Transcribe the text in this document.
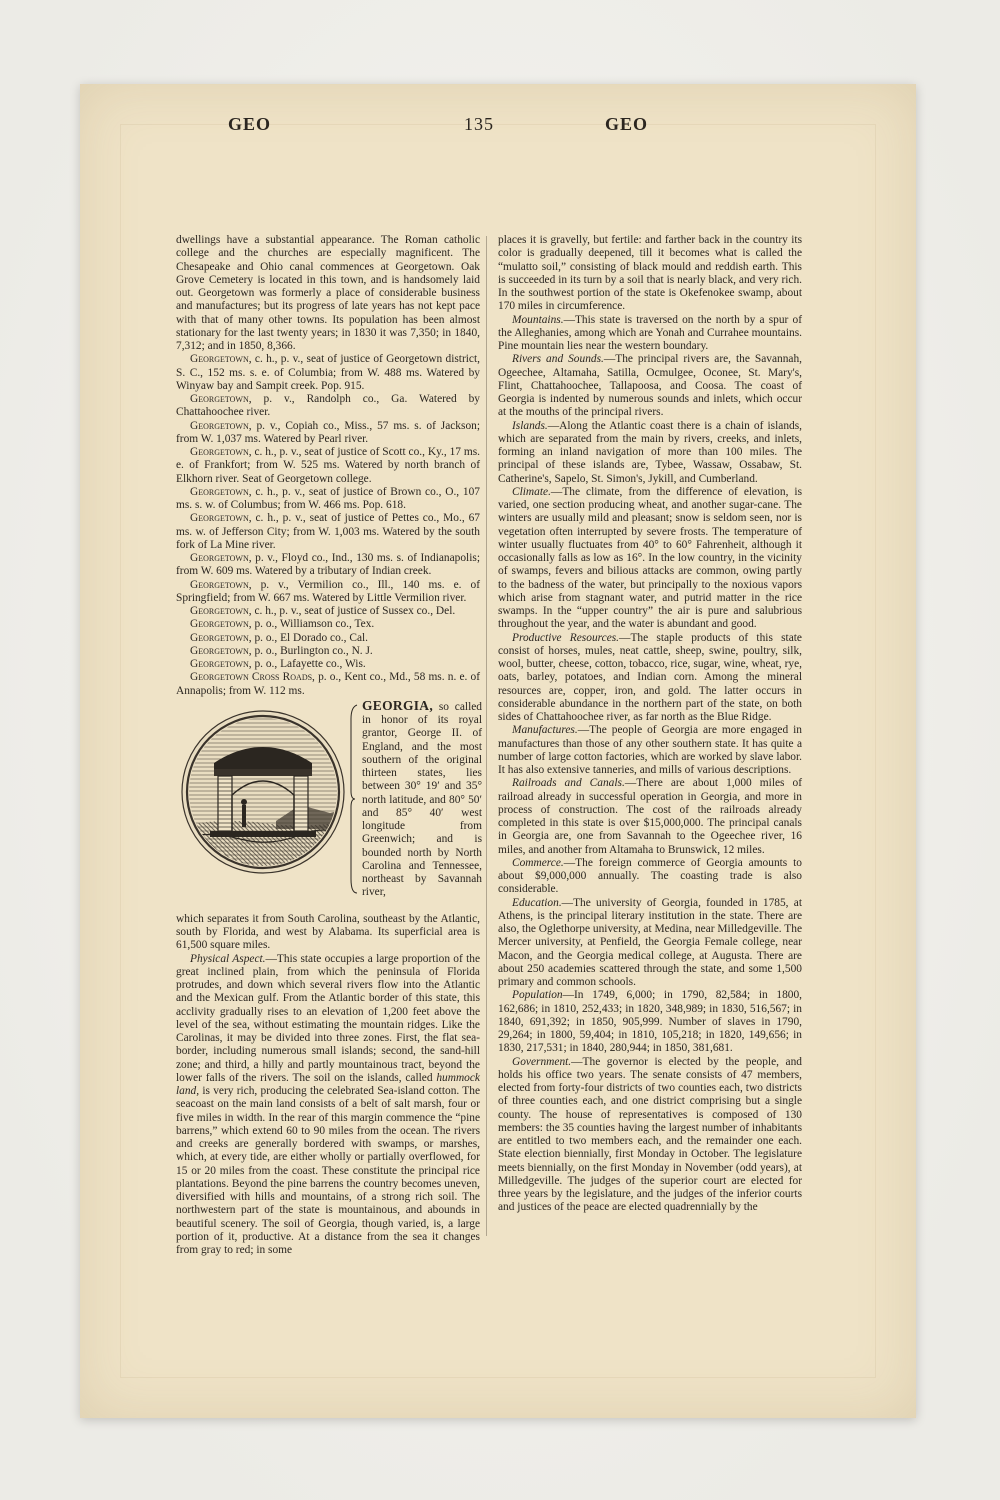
GEO	135	GEO

dwellings have a substantial appearance. The Roman catholic college and the churches are especially magnificent. The Chesapeake and Ohio canal commences at Georgetown. Oak Grove Cemetery is located in this town, and is handsomely laid out. Georgetown was formerly a place of considerable business and manufactures; but its progress of late years has not kept pace with that of many other towns. Its population has been almost stationary for the last twenty years; in 1830 it was 7,350; in 1840, 7,312; and in 1850, 8,366.

Georgetown, c. h., p. v., seat of justice of Georgetown district, S. C., 152 ms. s. e. of Columbia; from W. 488 ms. Watered by Winyaw bay and Sampit creek. Pop. 915.

Georgetown, p. v., Randolph co., Ga. Watered by Chattahoochee river.

Georgetown, p. v., Copiah co., Miss., 57 ms. s. of Jackson; from W. 1,037 ms. Watered by Pearl river.

Georgetown, c. h., p. v., seat of justice of Scott co., Ky., 17 ms. e. of Frankfort; from W. 525 ms. Watered by north branch of Elkhorn river. Seat of Georgetown college.

Georgetown, c. h., p. v., seat of justice of Brown co., O., 107 ms. s. w. of Columbus; from W. 466 ms. Pop. 618.

Georgetown, c. h., p. v., seat of justice of Pettes co., Mo., 67 ms. w. of Jefferson City; from W. 1,003 ms. Watered by the south fork of La Mine river.

Georgetown, p. v., Floyd co., Ind., 130 ms. s. of Indianapolis; from W. 609 ms. Watered by a tributary of Indian creek.

Georgetown, p. v., Vermilion co., Ill., 140 ms. e. of Springfield; from W. 667 ms. Watered by Little Vermilion river.

Georgetown, c. h., p. v., seat of justice of Sussex co., Del.

Georgetown, p. o., Williamson co., Tex.

Georgetown, p. o., El Dorado co., Cal.

Georgetown, p. o., Burlington co., N. J.

Georgetown, p. o., Lafayette co., Wis.

Georgetown Cross Roads, p. o., Kent co., Md., 58 ms. n. e. of Annapolis; from W. 112 ms.

GEORGIA, so called in honor of its royal grantor, George II. of England, and the most southern of the original thirteen states, lies between 30° 19′ and 35° north latitude, and 80° 50′ and 85° 40′ west longitude from Greenwich; and is bounded north by North Carolina and Tennessee, northeast by Savannah river,

which separates it from South Carolina, southeast by the Atlantic, south by Florida, and west by Alabama. Its superficial area is 61,500 square miles.

Physical Aspect.—This state occupies a large proportion of the great inclined plain, from which the peninsula of Florida protrudes, and down which several rivers flow into the Atlantic and the Mexican gulf. From the Atlantic border of this state, this acclivity gradually rises to an elevation of 1,200 feet above the level of the sea, without estimating the mountain ridges. Like the Carolinas, it may be divided into three zones. First, the flat sea-border, including numerous small islands; second, the sand-hill zone; and third, a hilly and partly mountainous tract, beyond the lower falls of the rivers. The soil on the islands, called hummock land, is very rich, producing the celebrated Sea-island cotton. The seacoast on the main land consists of a belt of salt marsh, four or five miles in width. In the rear of this margin commence the “pine barrens,” which extend 60 to 90 miles from the ocean. The rivers and creeks are generally bordered with swamps, or marshes, which, at every tide, are either wholly or partially overflowed, for 15 or 20 miles from the coast. These constitute the principal rice plantations. Beyond the pine barrens the country becomes uneven, diversified with hills and mountains, of a strong rich soil. The northwestern part of the state is mountainous, and abounds in beautiful scenery. The soil of Georgia, though varied, is, a large portion of it, productive. At a distance from the sea it changes from gray to red; in some

places it is gravelly, but fertile: and farther back in the country its color is gradually deepened, till it becomes what is called the “mulatto soil,” consisting of black mould and reddish earth. This is succeeded in its turn by a soil that is nearly black, and very rich. In the southwest portion of the state is Okefenokee swamp, about 170 miles in circumference.

Mountains.—This state is traversed on the north by a spur of the Alleghanies, among which are Yonah and Currahee mountains. Pine mountain lies near the western boundary.

Rivers and Sounds.—The principal rivers are, the Savannah, Ogeechee, Altamaha, Satilla, Ocmulgee, Oconee, St. Mary's, Flint, Chattahoochee, Tallapoosa, and Coosa. The coast of Georgia is indented by numerous sounds and inlets, which occur at the mouths of the principal rivers.

Islands.—Along the Atlantic coast there is a chain of islands, which are separated from the main by rivers, creeks, and inlets, forming an inland navigation of more than 100 miles. The principal of these islands are, Tybee, Wassaw, Ossabaw, St. Catherine's, Sapelo, St. Simon's, Jykill, and Cumberland.

Climate.—The climate, from the difference of elevation, is varied, one section producing wheat, and another sugar-cane. The winters are usually mild and pleasant; snow is seldom seen, nor is vegetation often interrupted by severe frosts. The temperature of winter usually fluctuates from 40° to 60° Fahrenheit, although it occasionally falls as low as 16°. In the low country, in the vicinity of swamps, fevers and bilious attacks are common, owing partly to the badness of the water, but principally to the noxious vapors which arise from stagnant water, and putrid matter in the rice swamps. In the “upper country” the air is pure and salubrious throughout the year, and the water is abundant and good.

Productive Resources.—The staple products of this state consist of horses, mules, neat cattle, sheep, swine, poultry, silk, wool, butter, cheese, cotton, tobacco, rice, sugar, wine, wheat, rye, oats, barley, potatoes, and Indian corn. Among the mineral resources are, copper, iron, and gold. The latter occurs in considerable abundance in the northern part of the state, on both sides of Chattahoochee river, as far north as the Blue Ridge.

Manufactures.—The people of Georgia are more engaged in manufactures than those of any other southern state. It has quite a number of large cotton factories, which are worked by slave labor. It has also extensive tanneries, and mills of various descriptions.

Railroads and Canals.—There are about 1,000 miles of railroad already in successful operation in Georgia, and more in process of construction. The cost of the railroads already completed in this state is over $15,000,000. The principal canals in Georgia are, one from Savannah to the Ogeechee river, 16 miles, and another from Altamaha to Brunswick, 12 miles.

Commerce.—The foreign commerce of Georgia amounts to about $9,000,000 annually. The coasting trade is also considerable.

Education.—The university of Georgia, founded in 1785, at Athens, is the principal literary institution in the state. There are also, the Oglethorpe university, at Medina, near Milledgeville. The Mercer university, at Penfield, the Georgia Female college, near Macon, and the Georgia medical college, at Augusta. There are about 250 academies scattered through the state, and some 1,500 primary and common schools.

Population—In 1749, 6,000; in 1790, 82,584; in 1800, 162,686; in 1810, 252,433; in 1820, 348,989; in 1830, 516,567; in 1840, 691,392; in 1850, 905,999. Number of slaves in 1790, 29,264; in 1800, 59,404; in 1810, 105,218; in 1820, 149,656; in 1830, 217,531; in 1840, 280,944; in 1850, 381,681.

Government.—The governor is elected by the people, and holds his office two years. The senate consists of 47 members, elected from forty-four districts of two counties each, two districts of three counties each, and one district comprising but a single county. The house of representatives is composed of 130 members: the 35 counties having the largest number of inhabitants are entitled to two members each, and the remainder one each. State election biennially, first Monday in October. The legislature meets biennially, on the first Monday in November (odd years), at Milledgeville. The judges of the superior court are elected for three years by the legislature, and the judges of the inferior courts and justices of the peace are elected quadrennially by the
